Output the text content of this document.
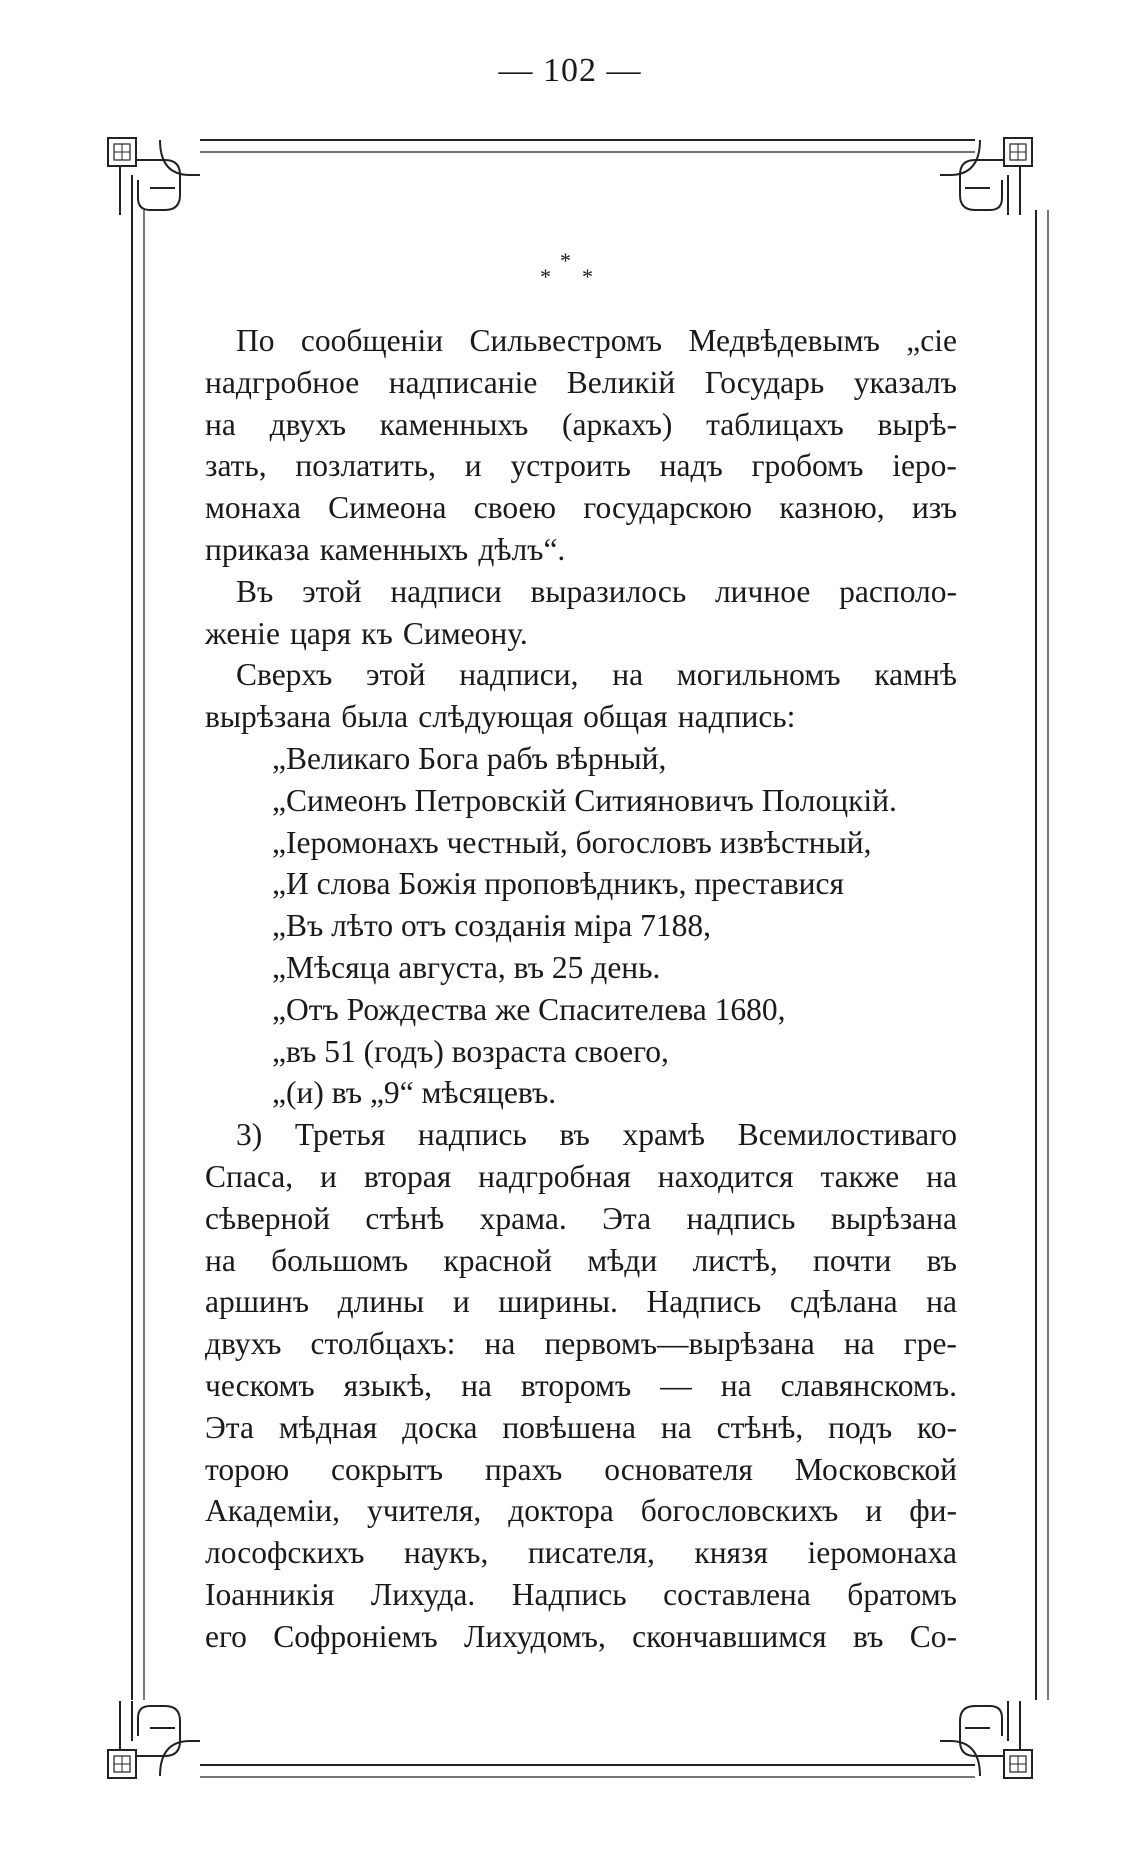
— 102 —
*
* *
По сообщеніи Сильвестромъ Медвѣдевымъ „сіе
надгробное надписаніе Великій Государь указалъ
на двухъ каменныхъ (аркахъ) таблицахъ вырѣ-
зать, позлатить, и устроить надъ гробомъ іеро-
монаха Симеона своею государскою казною, изъ
приказа каменныхъ дѣлъ“.
Въ этой надписи выразилось личное располо-
женіе царя къ Симеону.
Сверхъ этой надписи, на могильномъ камнѣ
вырѣзана была слѣдующая общая надпись:
„Великаго Бога рабъ вѣрный,
„Симеонъ Петровскій Ситияновичъ Полоцкій.
„Іеромонахъ честный, богословъ извѣстный,
„И слова Божія проповѣдникъ, преставися
„Въ лѣто отъ созданія міра 7188,
„Мѣсяца августа, въ 25 день.
„Отъ Рождества же Спасителева 1680,
„въ 51 (годъ) возраста своего,
„(и) въ „9“ мѣсяцевъ.
3) Третья надпись въ храмѣ Всемилостиваго
Спаса, и вторая надгробная находится также на
сѣверной стѣнѣ храма. Эта надпись вырѣзана
на большомъ красной мѣди листѣ, почти въ
аршинъ длины и ширины. Надпись сдѣлана на
двухъ столбцахъ: на первомъ—вырѣзана на гре-
ческомъ языкѣ, на второмъ — на славянскомъ.
Эта мѣдная доска повѣшена на стѣнѣ, подъ ко-
торою сокрытъ прахъ основателя Московской
Академіи, учителя, доктора богословскихъ и фи-
лософскихъ наукъ, писателя, князя іеромонаха
Іоанникія Лихуда. Надпись составлена братомъ
его Софроніемъ Лихудомъ, скончавшимся въ Со-
